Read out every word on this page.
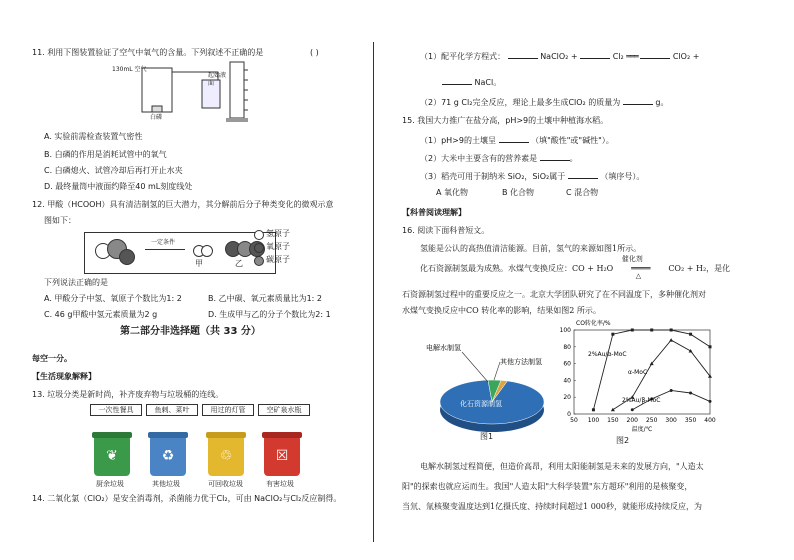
11. 利用下图装置验证了空气中氧气的含量。下列叙述不正确的是	( )
130mL 空气
白磷
起始液面
A. 实验前需检查装置气密性
B. 白磷的作用是消耗试管中的氧气
C. 白磷熄火、试管冷却后再打开止水夹
D. 最终量筒中液面约降至40 mL刻度线处
12. 甲酸（HCOOH）具有清洁制氢的巨大潜力，其分解前后分子种类变化的微观示意
图如下：
一定条件
甲	乙
氢原子
氧原子
碳原子
下列说法正确的是
A. 甲酸分子中氢、氧原子个数比为1: 2	B. 乙中碳、氧元素质量比为1: 2
C. 46 g甲酸中氢元素质量为2 g	D. 生成甲与乙的分子个数比为2: 1
第二部分非选择题（共 33 分）
每空一分。
【生活现象解释】
13. 垃圾分类是新时尚，补齐废弃物与垃圾桶的连线。
一次性餐具	鱼刺、菜叶	用过的灯管	空矿泉水瓶
❦	♻	♲	☒
厨余垃圾	其他垃圾	可回收垃圾	有害垃圾
14. 二氧化氯（ClO₂）是安全消毒剂，杀菌能力优于Cl₂，可由 NaClO₂与Cl₂反应制得。
（1）配平化学方程式：	NaClO₂ +	Cl₂ ═══	ClO₂ +
NaCl。
（2）71 g Cl₂完全反应，理论上最多生成ClO₂ 的质量为	g。
15. 我国大力推广在盐分高，pH>9的土壤中种植海水稻。
（1）pH>9的土壤呈	（填"酸性"或"碱性"）。
（2）大米中主要含有的营养素是	。
（3）稻壳可用于制纳米 SiO₂，SiO₂属于	（填序号）。
A 氧化物	B 化合物	C 混合物
【科普阅读理解】
16. 阅读下面科普短文。
氢能是公认的高热值清洁能源。目前，氢气的来源如图1所示。
化石资源制氢最为成熟。水煤气变换反应：CO + H₂O
催化剂
════
△
CO₂ + H₂，是化
石资源制氢过程中的重要反应之一。北京大学团队研究了在不同温度下，多种催化剂对
水煤气变换反应中CO 转化率的影响，结果如图2 所示。
电解水制氢
其他方法制氢
化石资源制氢
图1
0
20
40
60
80
100
50 100 150 200 250 300 350 400
CO转化率/%
温度/℃
2%Au/α-MoC
α-MoC
2%Au/β-MoC
图2
电解水制氢过程简便，但造价高昂，利用太阳能制氢是未来的发展方向，"人造太
阳"的探索也就应运而生。我国"人造太阳"大科学装置"东方超环"利用的是核聚变，
当氘、氚核聚变温度达到1亿摄氏度、持续时间超过1 000秒，就能形成持续反应，为
